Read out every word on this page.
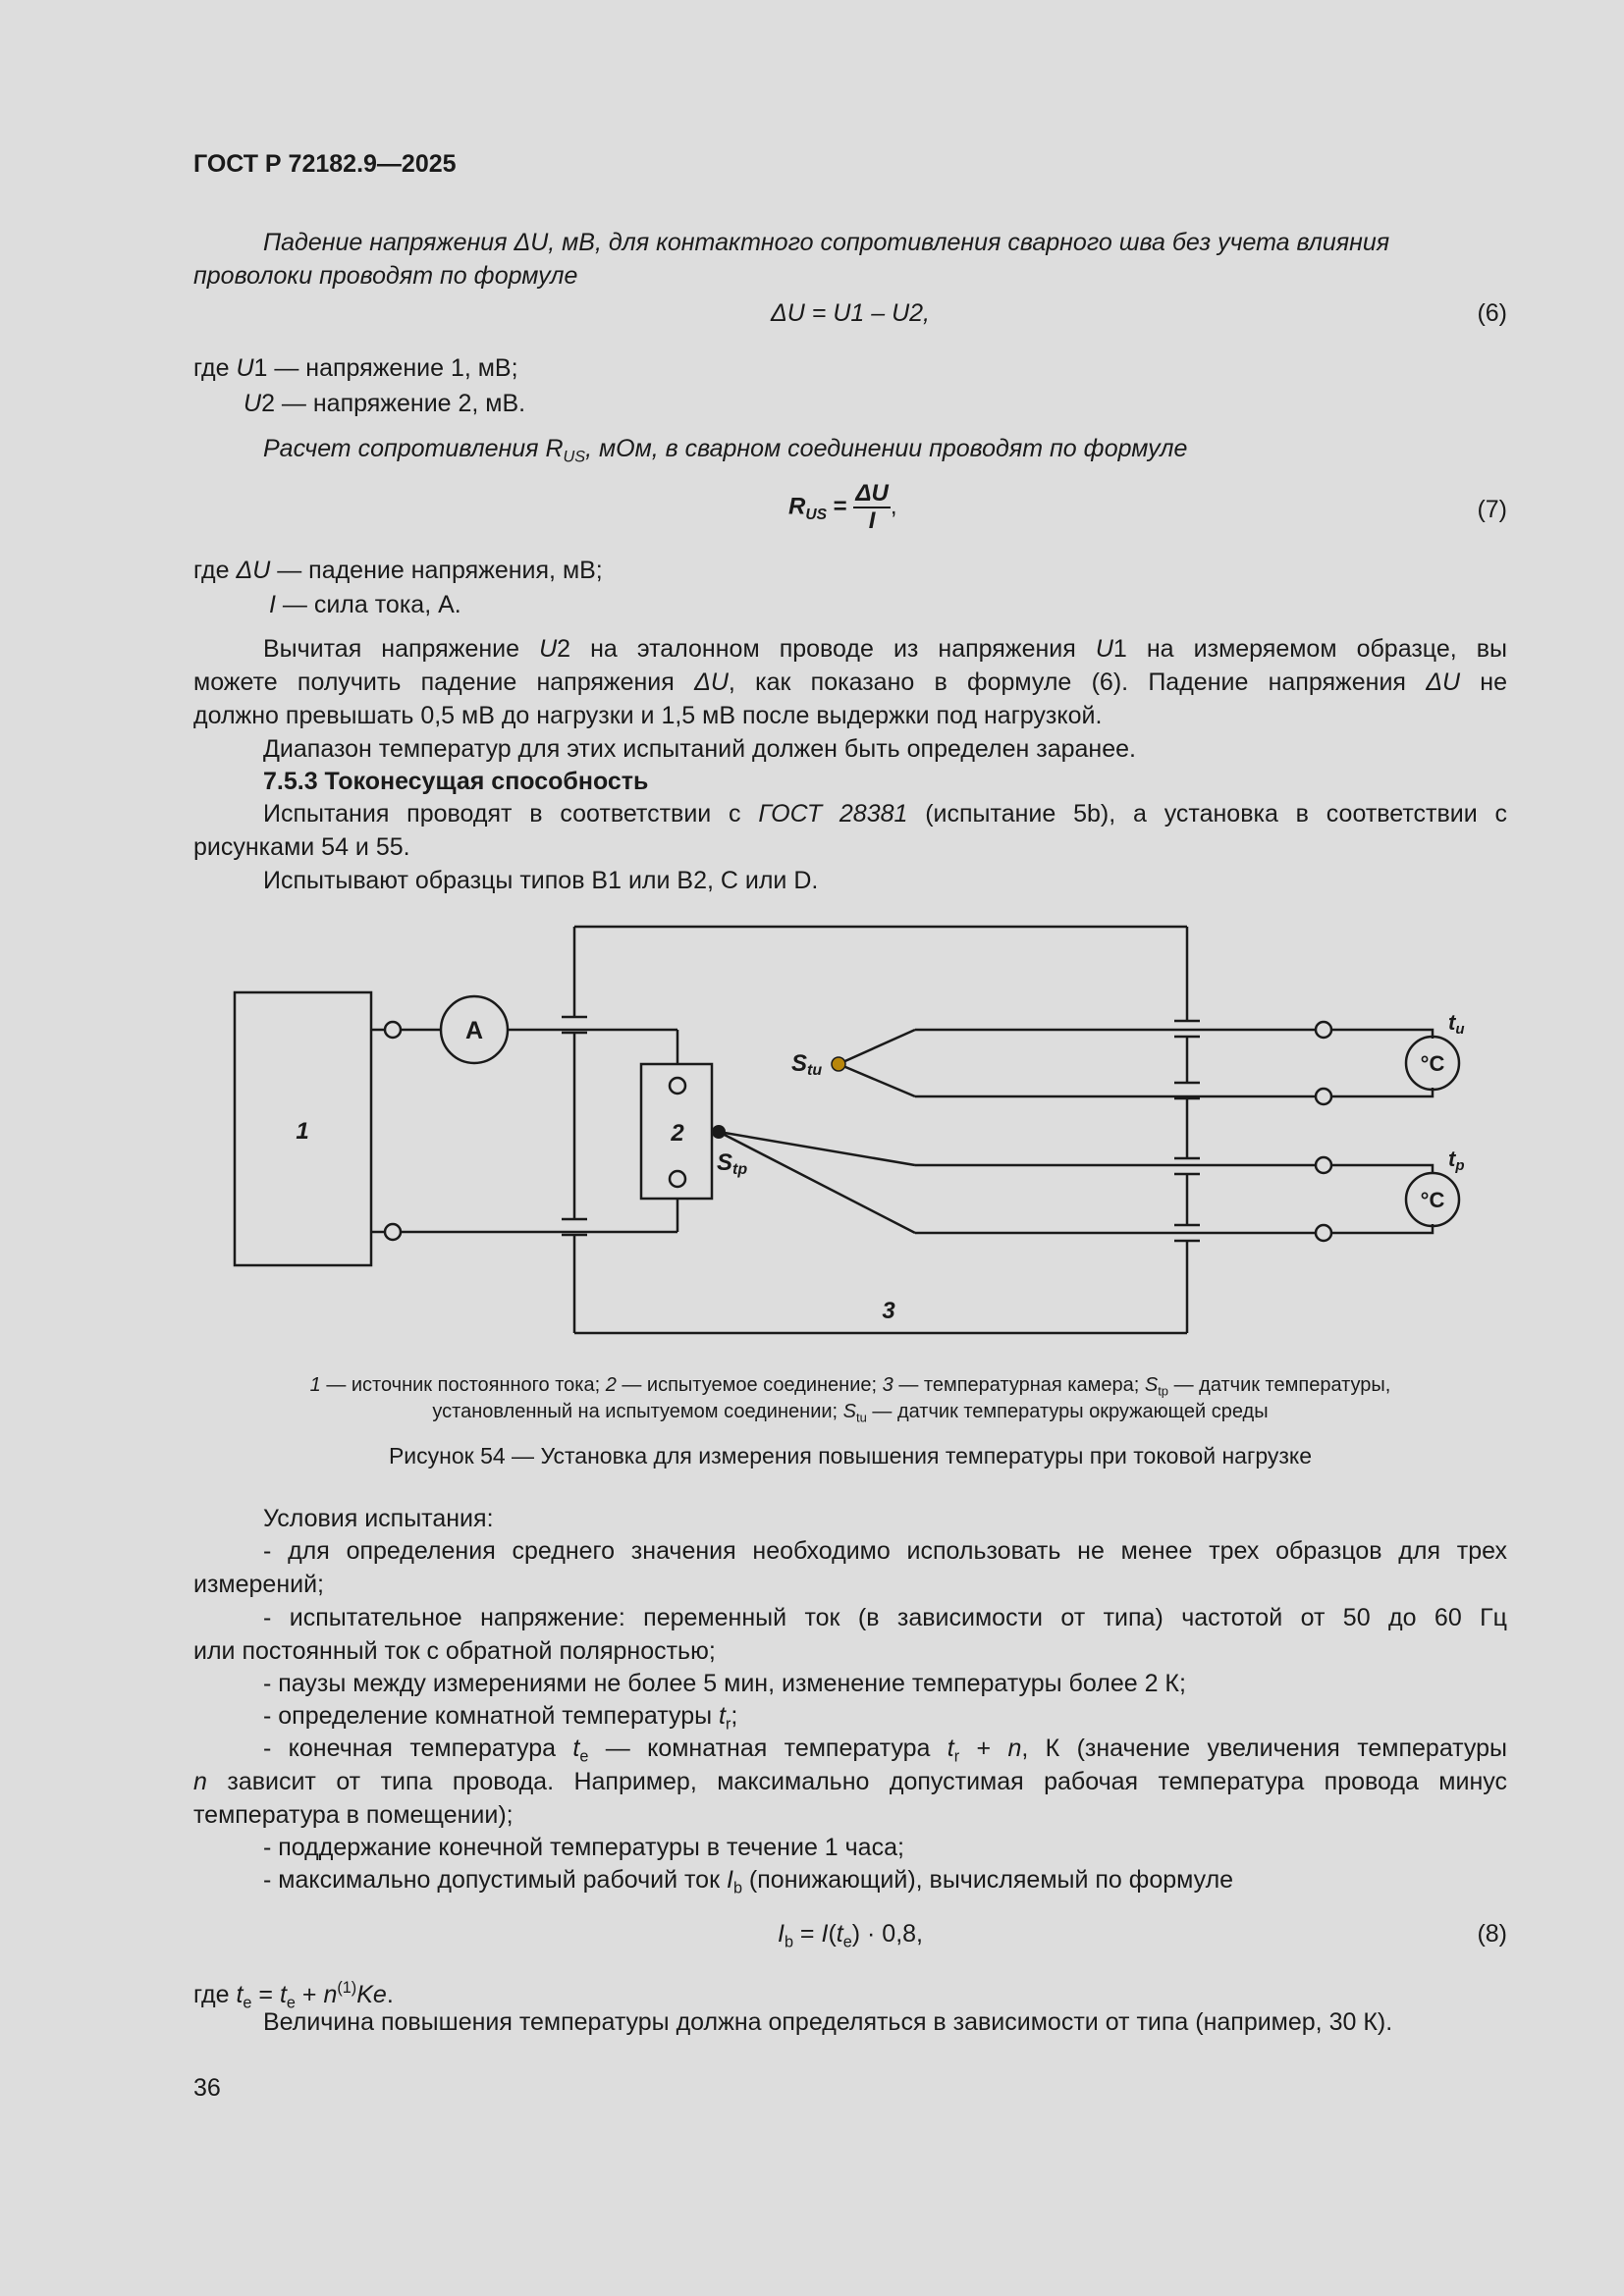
ГОСТ Р 72182.9—2025
Падение напряжения ΔU, мВ, для контактного сопротивления сварного шва без учета влияния
проволоки проводят по формуле
ΔU = U1 – U2,	(6)
где U1 — напряжение 1, мВ;
U2 — напряжение 2, мВ.
Расчет сопротивления $R_{US}$, мОм, в сварном соединении проводят по формуле
$R_{US} = \frac{\Delta U}{I}$ ,	(7)
где ΔU — падение напряжения, мВ;
I — сила тока, А.
Вычитая напряжение U2 на эталонном проводе из напряжения U1 на измеряемом образце, вы
можете получить падение напряжения ΔU, как показано в формуле (6). Падение напряжения ΔU не
должно превышать 0,5 мВ до нагрузки и 1,5 мВ после выдержки под нагрузкой.
Диапазон температур для этих испытаний должен быть определен заранее.
7.5.3 Токонесущая способность
Испытания проводят в соответствии с ГОСТ 28381 (испытание 5b), а установка в соответствии с
рисунками 54 и 55.
Испытывают образцы типов B1 или B2, C или D.
1
A
2
3
Stu
Stp
tu
tp
°C
°C
1 — источник постоянного тока; 2 — испытуемое соединение; 3 — температурная камера; $S_{tp}$ — датчик температуры,
установленный на испытуемом соединении; $S_{tu}$ — датчик температуры окружающей среды
Рисунок 54 — Установка для измерения повышения температуры при токовой нагрузке
Условия испытания:
- для определения среднего значения необходимо использовать не менее трех образцов для трех
измерений;
- испытательное напряжение: переменный ток (в зависимости от типа) частотой от 50 до 60 Гц
или постоянный ток с обратной полярностью;
- паузы между измерениями не более 5 мин, изменение температуры более 2 К;
- определение комнатной температуры $t_r$;
- конечная температура $t_e$ — комнатная температура $t_r + n$, К (значение увеличения температуры
n зависит от типа провода. Например, максимально допустимая рабочая температура провода минус
температура в помещении);
- поддержание конечной температуры в течение 1 часа;
- максимально допустимый рабочий ток $I_b$ (понижающий), вычисляемый по формуле
$I_b = I(t_e) \cdot 0,8$,	(8)
где $t_e = t_e + n^{(1)}Ke$.
Величина повышения температуры должна определяться в зависимости от типа (например, 30 К).
36
